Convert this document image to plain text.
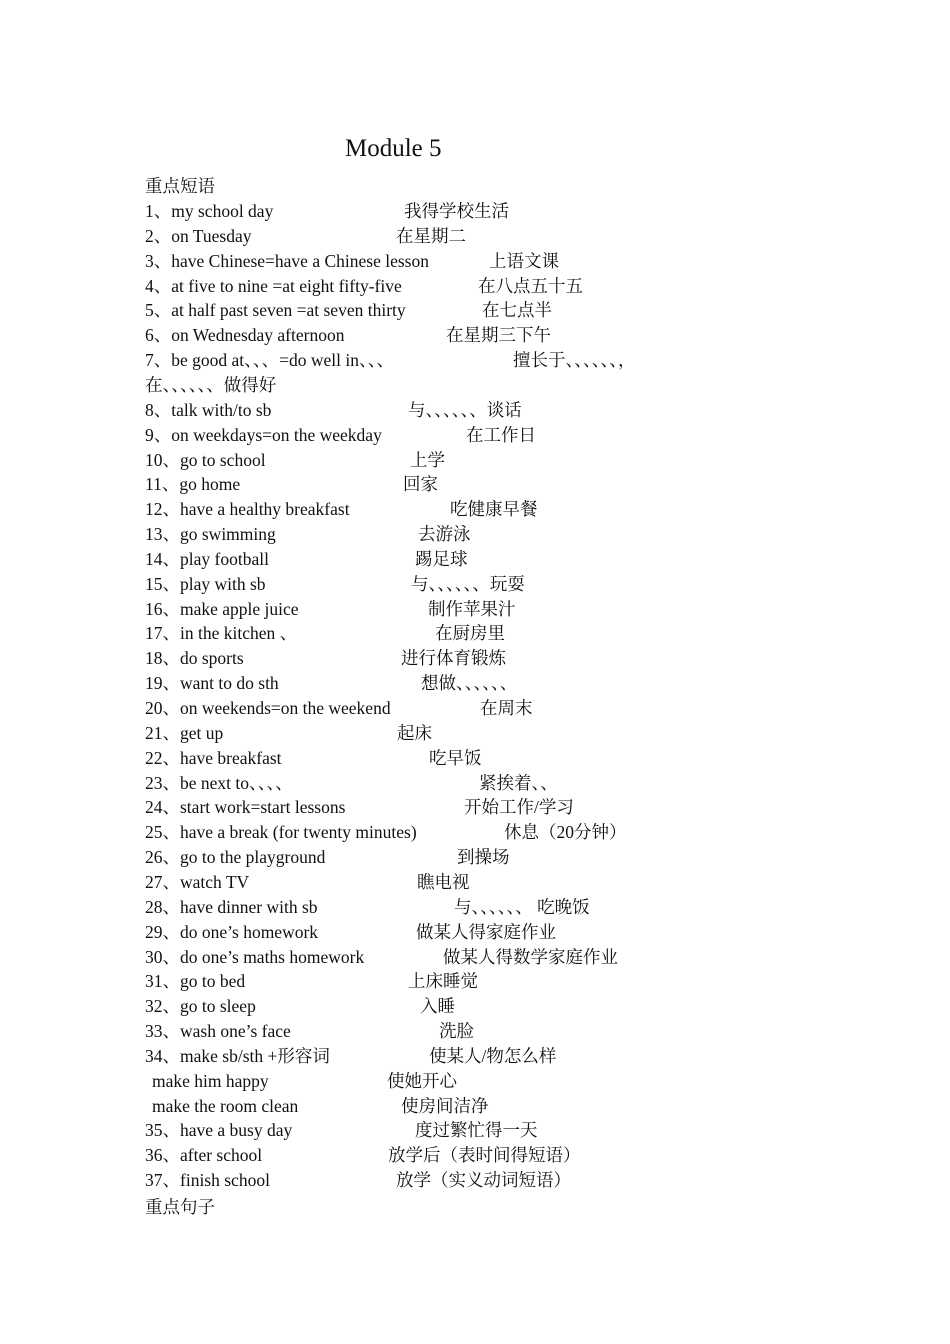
Module 5
重点短语
1、my school day	我得学校生活
2、on Tuesday	在星期二
3、have Chinese=have a Chinese lesson	上语文课
4、at five to nine =at eight fifty-five	在八点五十五
5、at half past seven =at seven thirty	在七点半
6、on Wednesday afternoon	在星期三下午
7、be good at、、、=do well in、、、	擅长于、、、、、、，
在、、、、、、做得好
8、talk with/to sb	与、、、、、、谈话
9、on weekdays=on the weekday	在工作日
10、go to school	上学
11、go home	回家
12、have a healthy breakfast	吃健康早餐
13、go swimming	去游泳
14、play football	踢足球
15、play with sb	与、、、、、、玩耍
16、make apple juice	制作苹果汁
17、in the kitchen 、	在厨房里
18、do sports	进行体育锻炼
19、want to do sth	想做、、、、、、
20、on weekends=on the weekend	在周末
21、get up	起床
22、have breakfast	吃早饭
23、be next to、、、、	紧挨着、、
24、start work=start lessons	开始工作/学习
25、have a break (for twenty minutes)	休息（20分钟）
26、go to the playground	到操场
27、watch TV	瞧电视
28、have dinner with sb	与、、、、、、 吃晚饭
29、do one’s homework	做某人得家庭作业
30、do one’s maths homework	做某人得数学家庭作业
31、go to bed	上床睡觉
32、go to sleep	入睡
33、wash one’s face	洗脸
34、make sb/sth +形容词	使某人/物怎么样
make him happy	使她开心
make the room clean	使房间洁净
35、have a busy day	度过繁忙得一天
36、after school	放学后（表时间得短语）
37、finish school	放学（实义动词短语）
重点句子
